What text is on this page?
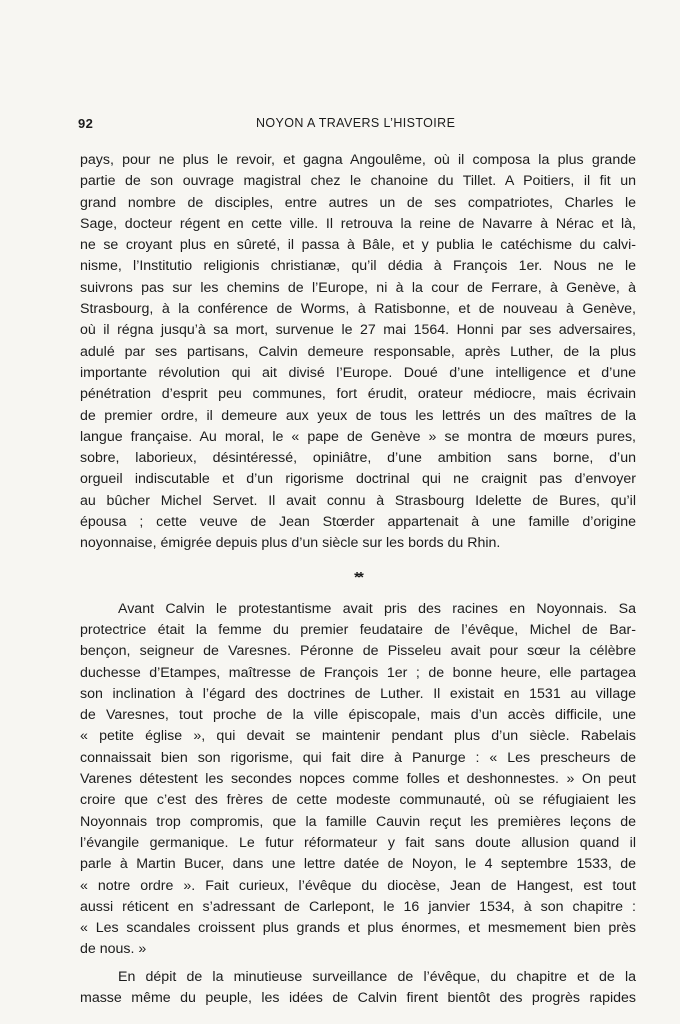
92	NOYON A TRAVERS L’HISTOIRE
pays, pour ne plus le revoir, et gagna Angoulême, où il composa la plus grande
partie de son ouvrage magistral chez le chanoine du Tillet. A Poitiers, il fit un
grand nombre de disciples, entre autres un de ses compatriotes, Charles le
Sage, docteur régent en cette ville. Il retrouva la reine de Navarre à Nérac et là,
ne se croyant plus en sûreté, il passa à Bâle, et y publia le catéchisme du calvi-
nisme, l’Institutio religionis christianæ, qu’il dédia à François 1er. Nous ne le
suivrons pas sur les chemins de l’Europe, ni à la cour de Ferrare, à Genève, à
Strasbourg, à la conférence de Worms, à Ratisbonne, et de nouveau à Genève,
où il régna jusqu’à sa mort, survenue le 27 mai 1564. Honni par ses adversaires,
adulé par ses partisans, Calvin demeure responsable, après Luther, de la plus
importante révolution qui ait divisé l’Europe. Doué d’une intelligence et d’une
pénétration d’esprit peu communes, fort érudit, orateur médiocre, mais écrivain
de premier ordre, il demeure aux yeux de tous les lettrés un des maîtres de la
langue française. Au moral, le « pape de Genève » se montra de mœurs pures,
sobre, laborieux, désintéressé, opiniâtre, d’une ambition sans borne, d’un
orgueil indiscutable et d’un rigorisme doctrinal qui ne craignit pas d’envoyer
au bûcher Michel Servet. Il avait connu à Strasbourg Idelette de Bures, qu’il
épousa ; cette veuve de Jean Stœrder appartenait à une famille d’origine
noyonnaise, émigrée depuis plus d’un siècle sur les bords du Rhin.
**
Avant Calvin le protestantisme avait pris des racines en Noyonnais. Sa
protectrice était la femme du premier feudataire de l’évêque, Michel de Bar-
bençon, seigneur de Varesnes. Péronne de Pisseleu avait pour sœur la célèbre
duchesse d’Etampes, maîtresse de François 1er ; de bonne heure, elle partagea
son inclination à l’égard des doctrines de Luther. Il existait en 1531 au village
de Varesnes, tout proche de la ville épiscopale, mais d’un accès difficile, une
« petite église », qui devait se maintenir pendant plus d’un siècle. Rabelais
connaissait bien son rigorisme, qui fait dire à Panurge : « Les prescheurs de
Varenes détestent les secondes nopces comme folles et deshonnestes. » On peut
croire que c’est des frères de cette modeste communauté, où se réfugiaient les
Noyonnais trop compromis, que la famille Cauvin reçut les premières leçons de
l’évangile germanique. Le futur réformateur y fait sans doute allusion quand il
parle à Martin Bucer, dans une lettre datée de Noyon, le 4 septembre 1533, de
« notre ordre ». Fait curieux, l’évêque du diocèse, Jean de Hangest, est tout
aussi réticent en s’adressant de Carlepont, le 16 janvier 1534, à son chapitre :
« Les scandales croissent plus grands et plus énormes, et mesmement bien près
de nous. »
En dépit de la minutieuse surveillance de l’évêque, du chapitre et de la
masse même du peuple, les idées de Calvin firent bientôt des progrès rapides
